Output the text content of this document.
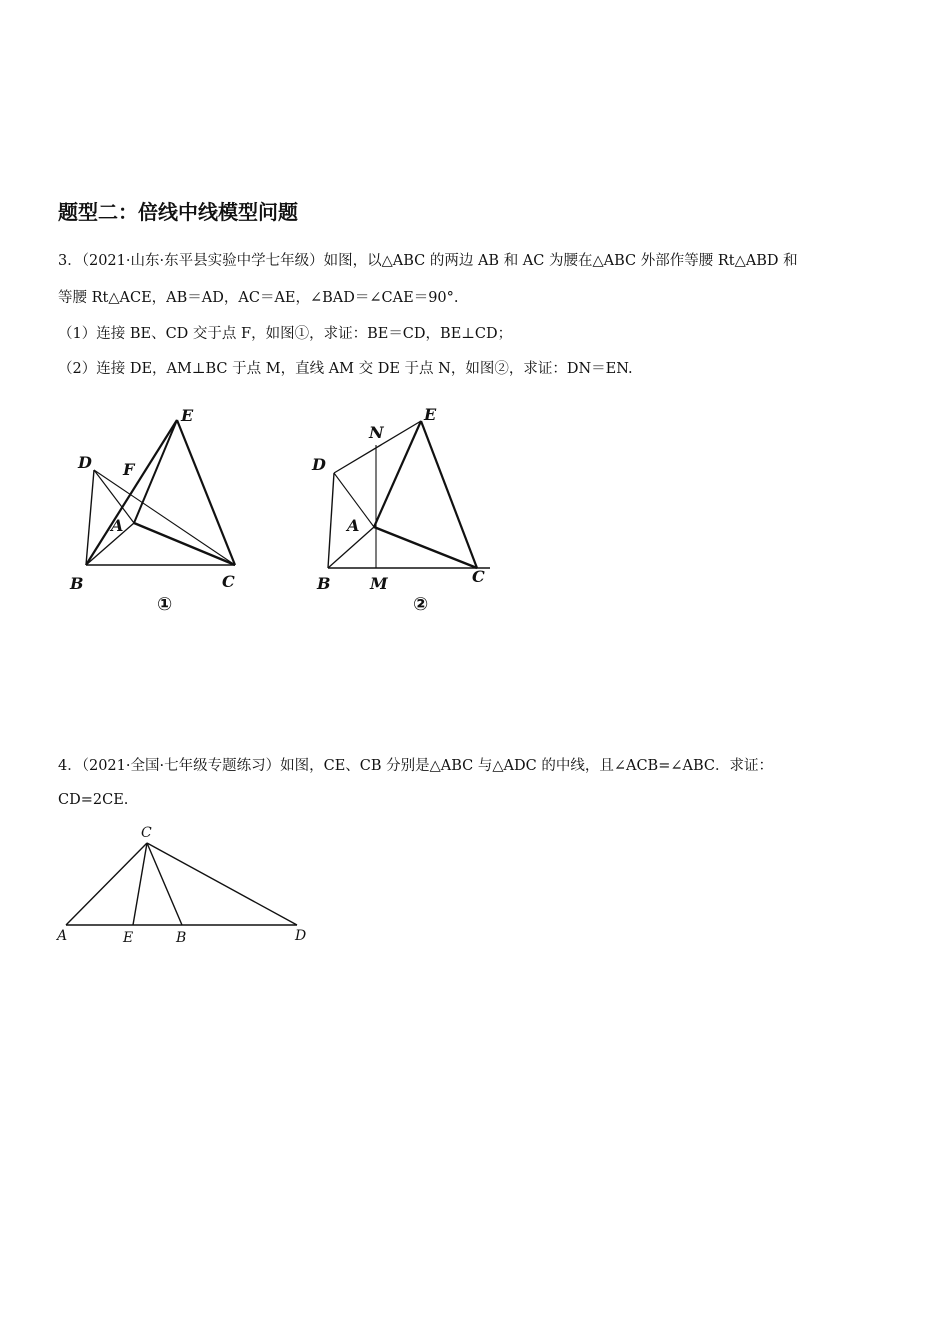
题型二：倍线中线模型问题

3．（2021·山东·东平县实验中学七年级）如图，以△ABC 的两边 AB 和 AC 为腰在△ABC 外部作等腰 Rt△ABD 和

等腰 Rt△ACE，AB＝AD，AC＝AE，∠BAD＝∠CAE＝90°.

（1）连接 BE、CD 交于点 F，如图①，求证：BE＝CD，BE⊥CD；

（2）连接 DE，AM⊥BC 于点 M，直线 AM 交 DE 于点 N，如图②，求证：DN＝EN.

E
D F
A
B	C
①
E
N
D
A
B M	C
②
C
A	E	B	D

4．（2021·全国·七年级专题练习）如图，CE、CB 分别是△ABC 与△ADC 的中线，且∠ACB=∠ABC．求证：

CD=2CE.
